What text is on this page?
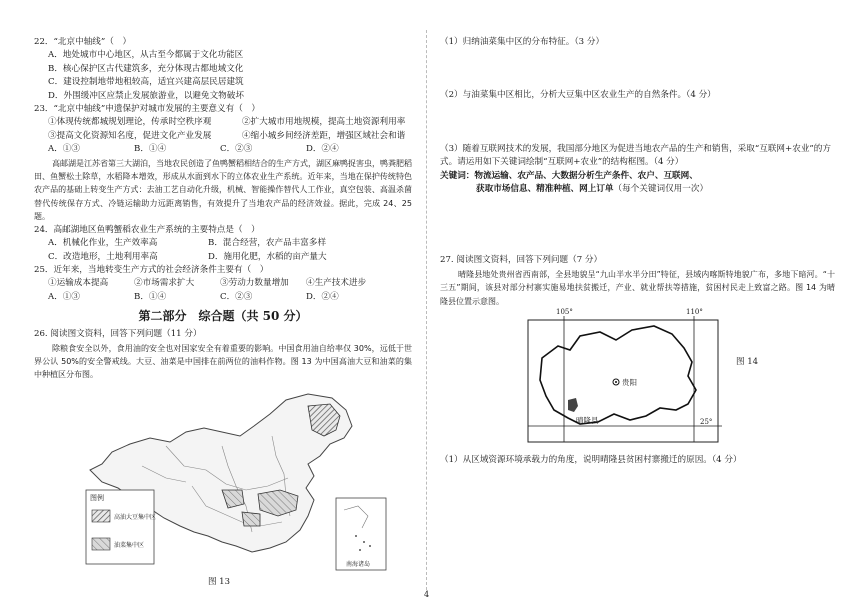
22．“北京中轴线”（　）
A．地处城市中心地区，从古至今都属于文化功能区
B．核心保护区古代建筑多，充分体现古都地域文化
C．建设控制地带地租较高，适宜兴建高层民居建筑
D．外围缓冲区应禁止发展旅游业，以避免文物破坏
23．“北京中轴线”申遗保护对城市发展的主要意义有（　）
①体现传统都城规划理论，传承时空秩序观	②扩大城市用地规模，提高土地资源利用率
③提高文化资源知名度，促进文化产业发展	④缩小城乡间经济差距，增强区域社会和谐
A．①③	B．①④	C．②③	D．②④
高邮湖是江苏省第三大湖泊，当地农民创造了鱼鸭蟹稻相结合的生产方式，湖区麻鸭捉害虫，鸭粪肥稻田、鱼蟹松土除草，水稻降本增效，形成从水面到水下的立体农业生产系统。近年来，当地在保护传统特色农产品的基础上转变生产方式：去油工艺自动化升级，机械、智能操作替代人工作业，真空包装、高温杀菌替代传统保存方式、冷链运输助力远距离销售，有效提升了当地农产品的经济效益。据此，完成 24、25 题。
24．高邮湖地区鱼鸭蟹稻农业生产系统的主要特点是（　）
A．机械化作业，生产效率高	B．混合经营，农产品丰富多样
C．改造地形，土地利用率高	D．施用化肥，水稻的亩产量大
25．近年来，当地转变生产方式的社会经济条件主要有（　）
①运输成本提高	②市场需求扩大	③劳动力数量增加	④生产技术进步
A．①③	B．①④	C．②③	D．②④
第二部分　综合题（共 50 分）
26. 阅读图文资料，回答下列问题（11 分）
除粮食安全以外，食用油的安全也对国家安全有着重要的影响。中国食用油自给率仅 30%，远低于世界公认 50%的安全警戒线。大豆、油菜是中国排在前两位的油料作物。图 13 为中国高油大豆和油菜的集中种植区分布图。
图例
高油大豆集中区
油菜集中区
南海诸岛
图 13
（1）归纳油菜集中区的分布特征。（3 分）
（2）与油菜集中区相比，分析大豆集中区农业生产的自然条件。（4 分）
（3）随着互联网技术的发展，我国部分地区为促进当地农产品的生产和销售，采取“互联网+农业”的方式。请运用如下关键词绘制“互联网+农业”的结构框图。（4 分）
关键词：物流运输、农产品、大数据分析生产条件、农户、互联网、
获取市场信息、精准种植、网上订单（每个关键词仅用一次）
27. 阅读图文资料，回答下列问题（7 分）
晴隆县地处贵州省西南部，全县地貌呈“九山半水半分田”特征，县域内喀斯特地貌广布，多地下暗河。“十三五”期间，该县对部分村寨实施易地扶贫搬迁，产业、就业帮扶等措施，贫困村民走上致富之路。图 14 为晴隆县位置示意图。
105°	110°
25°
贵阳
晴隆县
图 14
（1）从区域资源环境承载力的角度，说明晴隆县贫困村寨搬迁的原因。（4 分）
4
